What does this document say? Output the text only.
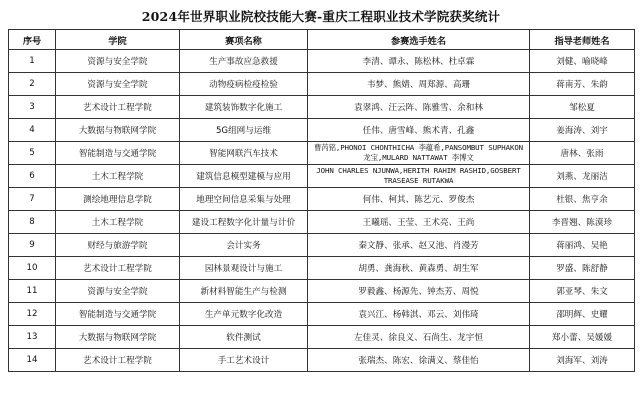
2024年世界职业院校技能大赛-重庆工程职业技术学院获奖统计
序号	学院	赛项名称	参赛选手姓名	指导老师姓名
1	资源与安全学院	生产事故应急救援	李清、谭永、陈松林、杜卓霖	刘健、喻晓峰
2	资源与安全学院	动物疫病检疫检验	韦梦、熊婧、周郑源、高珊	蒋南芳、朱韵
3	艺术设计工程学院	建筑装饰数字化施工	袁翠鸿、汪云阵、陈雅雪、余和林	邹松夏
4	大数据与物联网学院	5G组网与运维	任伟、唐雪峰、熊术青、孔鑫	姜海涛、刘宇
5	智能制造与交通学院	智能网联汽车技术	曹芮铭,PHONOI CHONTHICHA 李蕴希,PANSOMBUT SUPHAKON 龙宝,MULARD NATTAWAT 李博文	唐林、张雨
6	土木工程学院	建筑信息模型建模与应用	JOHN CHARLES NJUNWA,HERITH RAHIM RASHID,GOSBERT TRASEASE RUTAKWA	刘燕、龙丽洁
7	测绘地理信息学院	地理空间信息采集与处理	何伟、柯其、陈艺元、罗俊杰	杜银、焦亨余
8	土木工程学院	建设工程数字化计量与计价	王曦瑶、王莹、王术亮、王尚	李晋翘、陈漠珍
9	财经与旅游学院	会计实务	秦文静、张承、赵又池、肖漫芳	蒋丽鸿、吴艳
10	艺术设计工程学院	园林景观设计与施工	胡勇、龚海秋、黄森勇、胡生军	罗盛、陈舒静
11	资源与安全学院	新材料智能生产与检测	罗毅鑫、杨源先、钟杰芳、周悦	郭亚琴、朱文
12	智能制造与交通学院	生产单元数字化改造	袁兴江、杨韩淇、邓云、刘伟琦	邵明辉、史耀
13	大数据与物联网学院	软件测试	左佳灵、徐良义、石尚生、龙宇恒	郑小蕾、吴媛媛
14	艺术设计工程学院	手工艺术设计	张瑞杰、陈宏、徐满义、蔡佳怡	刘海军、刘涛
